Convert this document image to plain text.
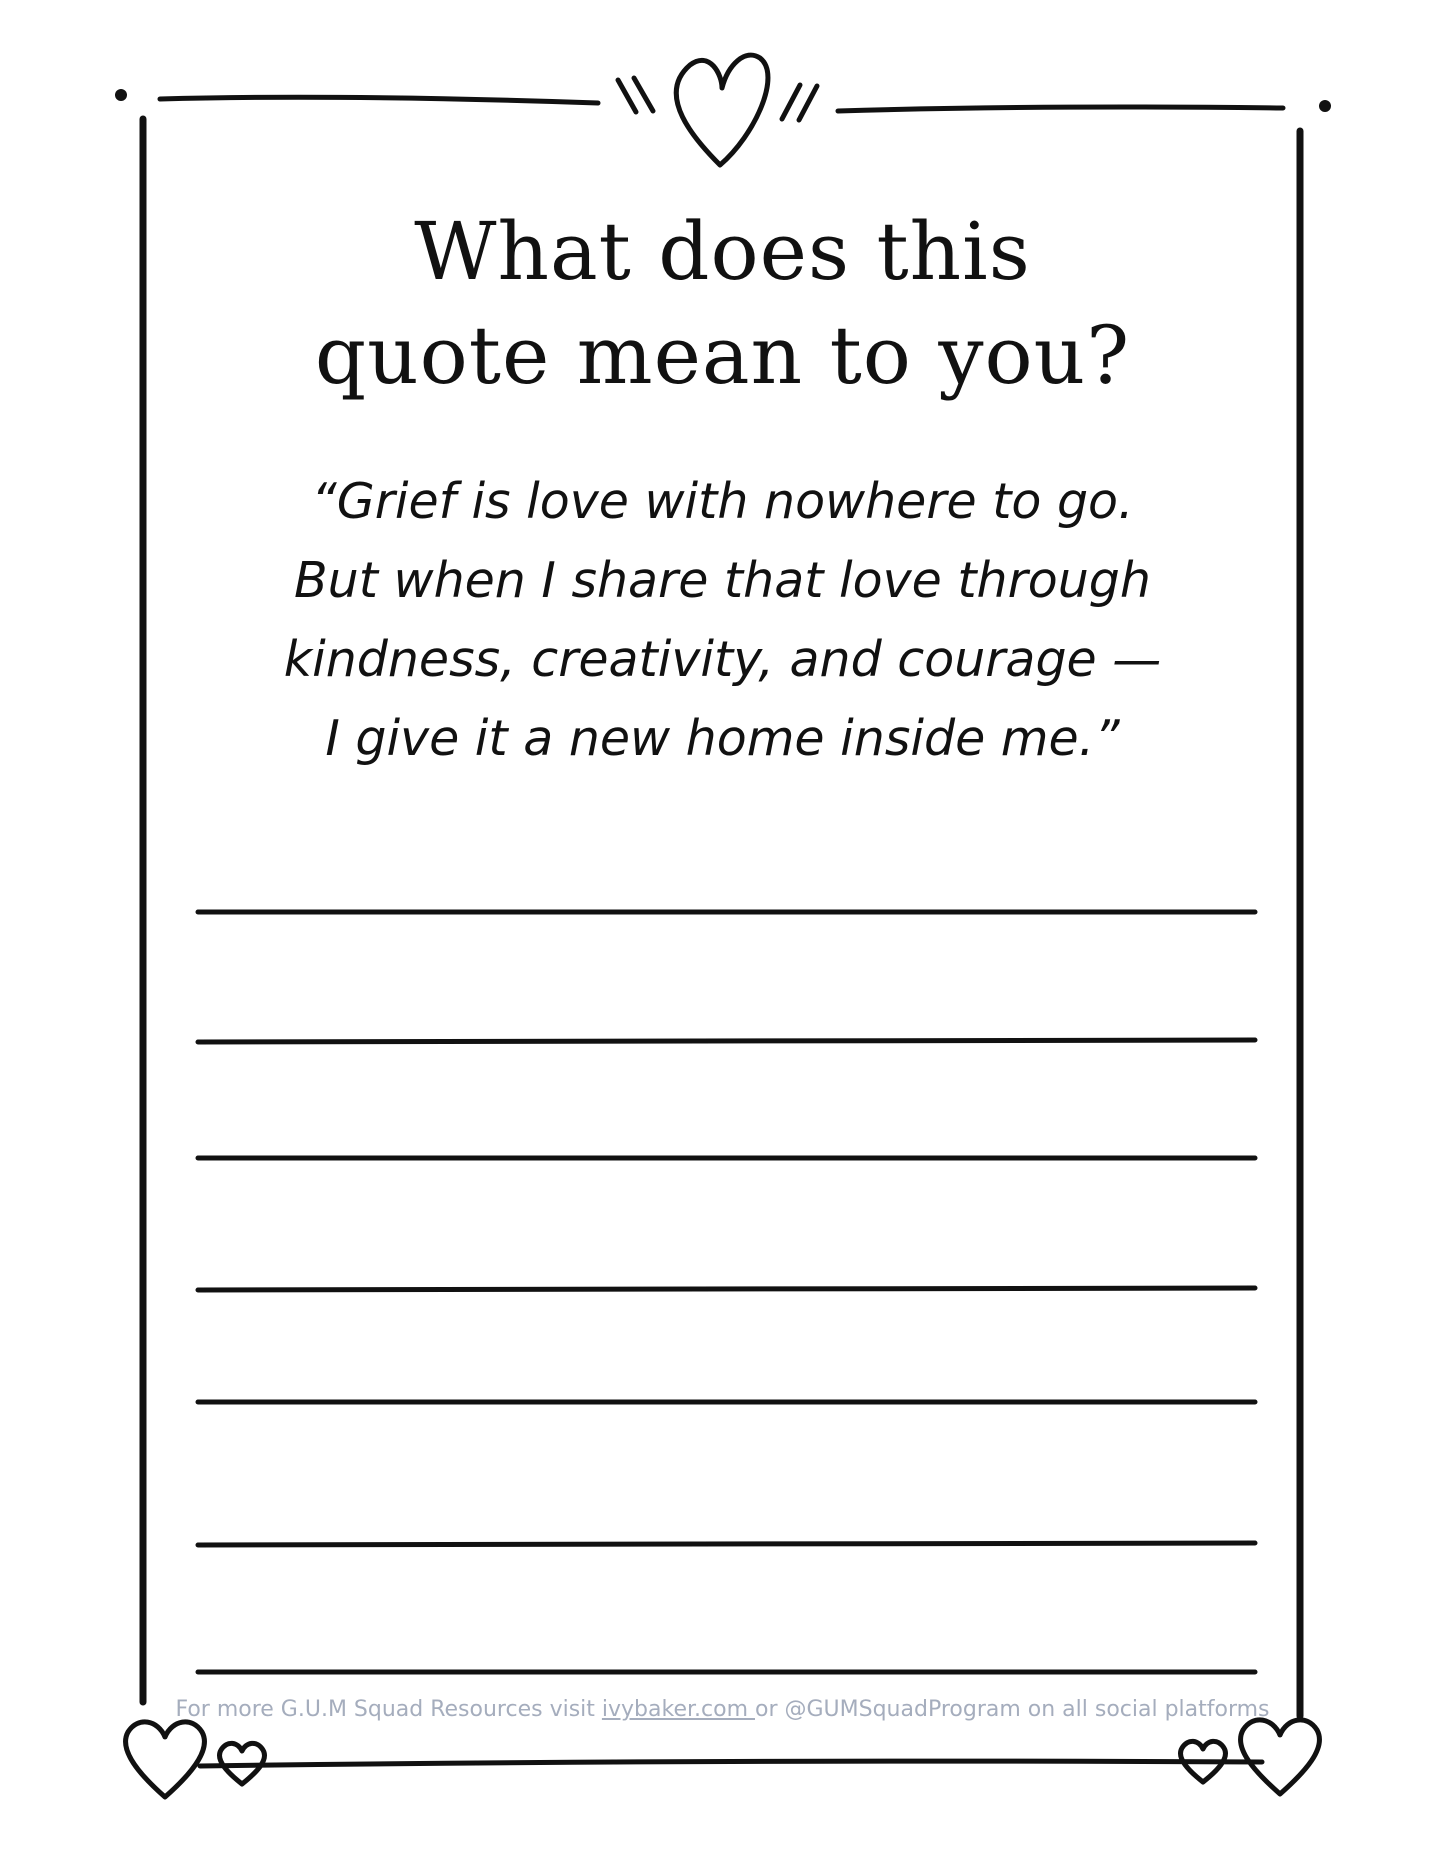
What does this
quote mean to you?
“Grief is love with nowhere to go.
But when I share that love through
kindness, creativity, and courage —
I give it a new home inside me.”
For more G.U.M Squad Resources visit ivybaker.com or @GUMSquadProgram on all social platforms
